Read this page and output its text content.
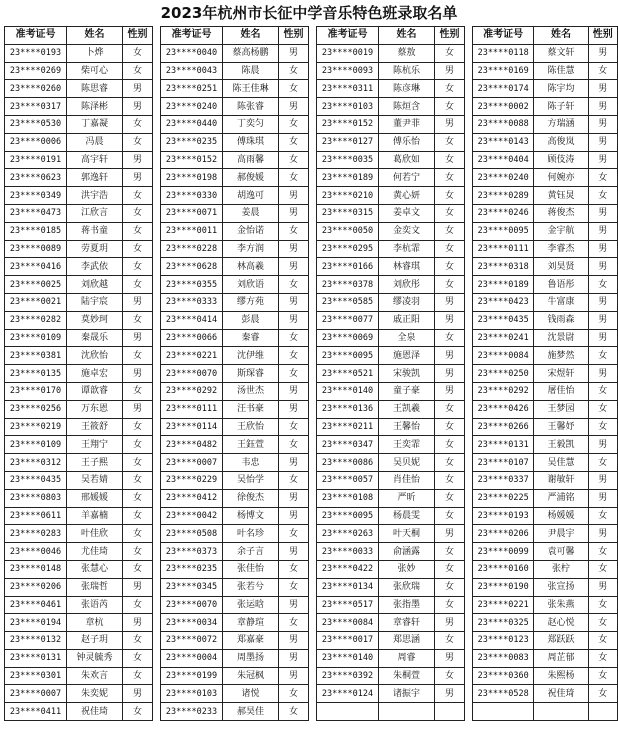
2023年杭州市长征中学音乐特色班录取名单
准考证号	姓名	性别
23****0193	卜烨	女
23****0269	柴可心	女
23****0260	陈思睿	男
23****0317	陈泽彬	男
23****0530	丁嘉凝	女
23****0006	冯晨	女
23****0191	高宇轩	男
23****0623	郭逸轩	男
23****0349	洪宇浩	女
23****0473	江欣言	女
23****0185	蒋书童	女
23****0089	劳夏玥	女
23****0416	李武依	女
23****0025	刘欣越	女
23****0021	陆宇宸	男
23****0282	莫妙珂	女
23****0109	秦晟乐	男
23****0381	沈欣怡	女
23****0135	施卓宏	男
23****0170	谭歆睿	女
23****0256	万东恩	男
23****0219	王筱舒	女
23****0109	王翔宁	女
23****0312	王子熙	女
23****0435	吴若婧	女
23****0803	邢媛媛	女
23****0611	羊嘉楠	女
23****0283	叶佳欣	女
23****0046	尤佳琦	女
23****0148	张慧心	女
23****0206	张瑞哲	男
23****0461	张语芮	女
23****0194	章杭	男
23****0132	赵子玥	女
23****0131	钟灵毓秀	女
23****0301	朱欢言	女
23****0007	朱奕妮	男
23****0411	祝佳琦	女
准考证号	姓名	性别
23****0040	蔡高杨鹏	男
23****0043	陈晨	女
23****0251	陈王佳琳	女
23****0240	陈张睿	男
23****0440	丁奕匀	女
23****0235	傅珠琪	女
23****0152	高雨馨	女
23****0198	郝俊媛	女
23****0330	胡逸可	男
23****0071	姜晨	男
23****0011	金怡诺	女
23****0228	李方润	男
23****0628	林高羲	男
23****0355	刘欣语	女
23****0333	缪方苑	男
23****0414	彭晨	男
23****0066	秦睿	女
23****0221	沈伊维	女
23****0070	斯琛睿	女
23****0292	汤世杰	男
23****0111	汪书豪	男
23****0114	王欣怡	女
23****0482	王鈺萱	女
23****0007	韦忠	男
23****0229	吴怡学	女
23****0412	徐俊杰	男
23****0042	杨博文	男
23****0508	叶名珍	女
23****0373	余子言	男
23****0235	张佳怡	女
23****0345	张若兮	女
23****0070	张运晗	男
23****0034	章静瑄	女
23****0072	郑嘉豪	男
23****0004	周墨扬	男
23****0199	朱冠枫	男
23****0103	诸悦	女
23****0233	郝昊佳	女
准考证号	姓名	性别
23****0019	蔡敖	女
23****0093	陈杭乐	男
23****0311	陈彦琳	女
23****0103	陈烜含	女
23****0152	董尹菲	男
23****0127	傅乐怡	女
23****0035	葛欣如	女
23****0189	何若宁	女
23****0210	黄心妍	女
23****0315	姜卓文	女
23****0050	金奕文	女
23****0295	李杭霏	女
23****0166	林睿琪	女
23****0378	刘欣彤	女
23****0585	缪凌羽	男
23****0077	戚正阳	男
23****0069	全泉	女
23****0095	施恩泽	男
23****0521	宋骏凯	男
23****0140	童子豪	男
23****0136	王凯羲	女
23****0211	王馨怡	女
23****0347	王奕霏	女
23****0086	吴贝妮	女
23****0057	肖佳怡	女
23****0108	严昕	女
23****0095	杨晨雯	女
23****0263	叶天桐	男
23****0033	俞涵露	女
23****0422	张妙	女
23****0134	张欣瑞	女
23****0517	张指墨	女
23****0084	章睿轩	男
23****0017	郑思涵	女
23****0140	周睿	男
23****0392	朱桐萱	女
23****0124	诸振宇	男

准考证号	姓名	性别
23****0118	蔡文轩	男
23****0169	陈佳慧	女
23****0174	陈宇均	男
23****0002	陈子轩	男
23****0088	方瑞涵	男
23****0143	高俊岚	男
23****0404	顾伎涛	男
23****0240	何婉亦	女
23****0289	黄钰炅	女
23****0246	蒋俊杰	男
23****0095	金宇航	男
23****0111	李睿杰	男
23****0318	刘昊贤	男
23****0189	鲁语彤	女
23****0423	牛富康	男
23****0435	钱雨森	男
23****0241	沈景尉	男
23****0084	施梦然	女
23****0250	宋煜轩	男
23****0292	屠佳怡	女
23****0426	王梦园	女
23****0266	王馨妤	女
23****0131	王毅凯	男
23****0107	吴佳慧	女
23****0337	谢敏轩	男
23****0225	严浦铭	男
23****0193	杨媛媛	女
23****0206	尹晨宇	男
23****0099	袁可馨	女
23****0160	张柠	女
23****0190	张宣扬	男
23****0221	张朱燕	女
23****0325	赵心悦	女
23****0123	郑跃跃	女
23****0083	周芷郁	女
23****0360	朱熙杨	女
23****0528	祝佳琦	女
